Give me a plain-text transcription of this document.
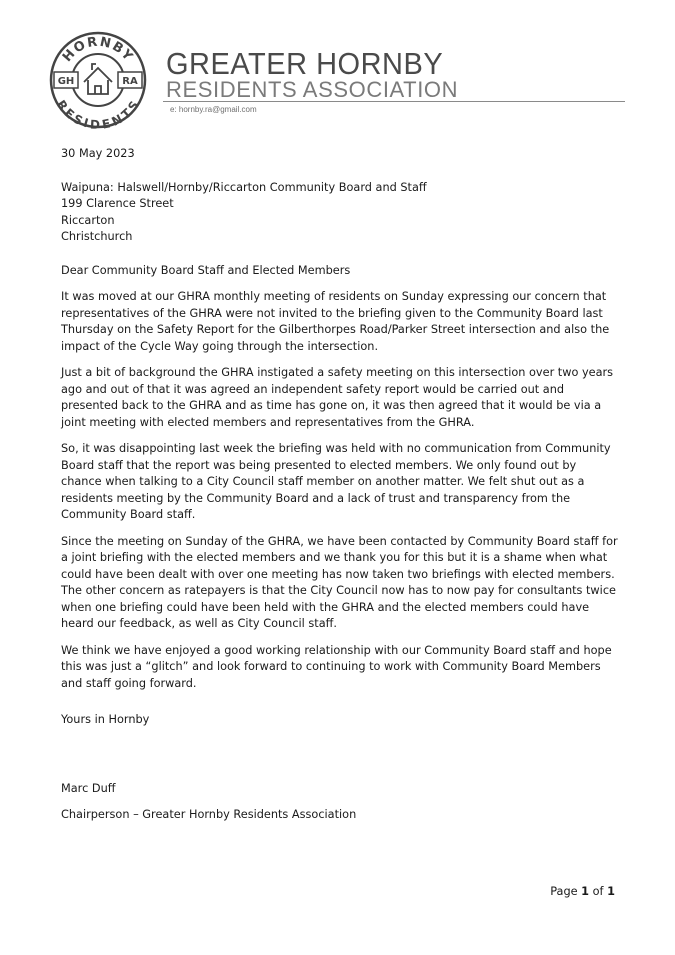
HORNBY
RESIDENTS
GH	RA GREATER HORNBY
RESIDENTS ASSOCIATION
e: hornby.ra@gmail.com

30 May 2023

Waipuna: Halswell/Hornby/Riccarton Community Board and Staff
199 Clarence Street
Riccarton
Christchurch

Dear Community Board Staff and Elected Members

It was moved at our GHRA monthly meeting of residents on Sunday expressing our concern that representatives of the GHRA were not invited to the briefing given to the Community Board last Thursday on the Safety Report for the Gilberthorpes Road/Parker Street intersection and also the impact of the Cycle Way going through the intersection.

Just a bit of background the GHRA instigated a safety meeting on this intersection over two years ago and out of that it was agreed an independent safety report would be carried out and presented back to the GHRA and as time has gone on, it was then agreed that it would be via a joint meeting with elected members and representatives from the GHRA.

So, it was disappointing last week the briefing was held with no communication from Community Board staff that the report was being presented to elected members. We only found out by chance when talking to a City Council staff member on another matter. We felt shut out as a residents meeting by the Community Board and a lack of trust and transparency from the Community Board staff.

Since the meeting on Sunday of the GHRA, we have been contacted by Community Board staff for a joint briefing with the elected members and we thank you for this but it is a shame when what could have been dealt with over one meeting has now taken two briefings with elected members. The other concern as ratepayers is that the City Council now has to now pay for consultants twice when one briefing could have been held with the GHRA and the elected members could have heard our feedback, as well as City Council staff.

We think we have enjoyed a good working relationship with our Community Board staff and hope this was just a “glitch” and look forward to continuing to work with Community Board Members and staff going forward.

Yours in Hornby

Marc Duff

Chairperson – Greater Hornby Residents Association

Page 1 of 1
